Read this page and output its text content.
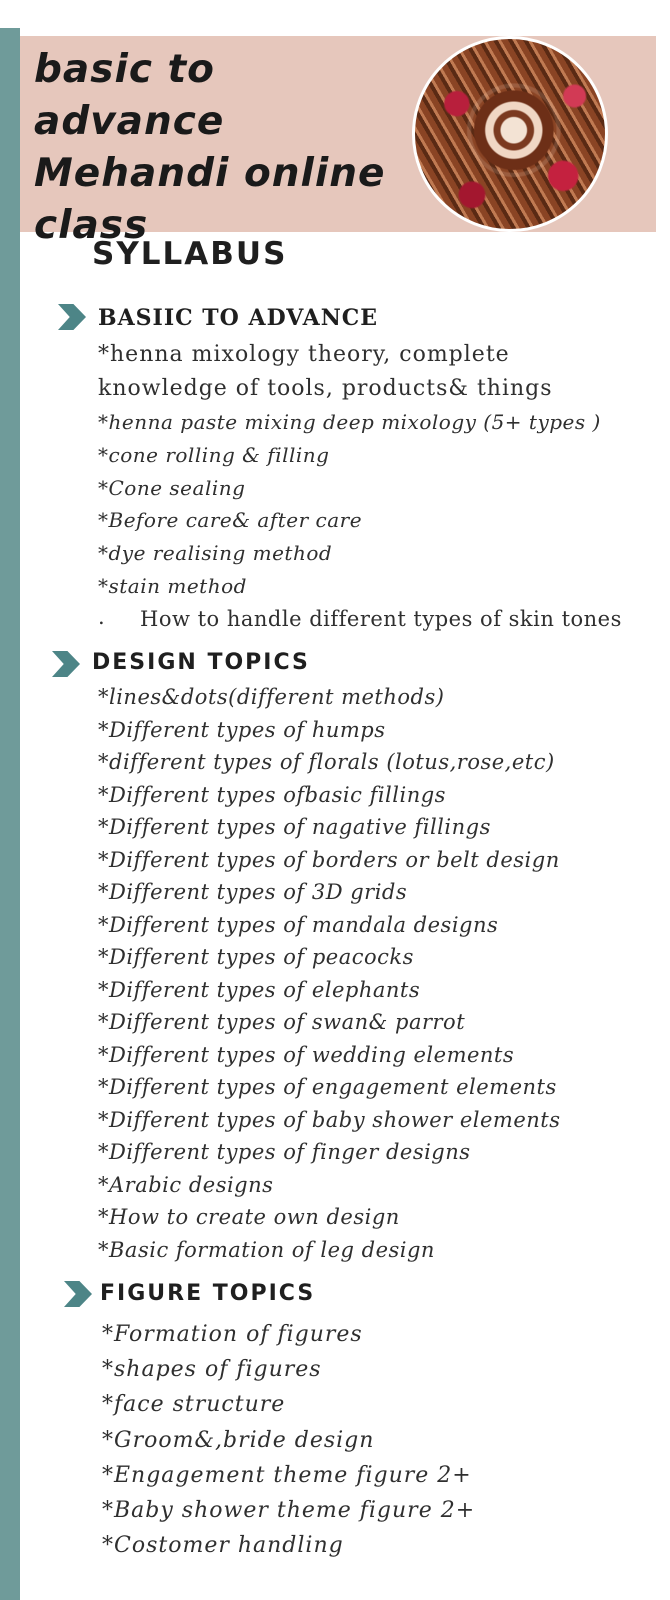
basic to advance
Mehandi online
class
SYLLABUS
BASIIC TO ADVANCE
*henna mixology theory, complete
knowledge of tools, products& things
*henna paste mixing deep mixology (5+ types )
*cone rolling & filling
*Cone sealing
*Before care& after care
*dye realising method
*stain method
. How to handle different types of skin tones
DESIGN TOPICS
*lines&dots(different methods)
*Different types of humps
*different types of florals (lotus,rose,etc)
*Different types ofbasic fillings
*Different types of nagative fillings
*Different types of borders or belt design
*Different types of 3D grids
*Different types of mandala designs
*Different types of peacocks
*Different types of elephants
*Different types of swan& parrot
*Different types of wedding elements
*Different types of engagement elements
*Different types of baby shower elements
*Different types of finger designs
*Arabic designs
*How to create own design
*Basic formation of leg design
FIGURE TOPICS
*Formation of figures
*shapes of figures
*face structure
*Groom&,bride design
*Engagement theme figure 2+
*Baby shower theme figure 2+
*Costomer handling
